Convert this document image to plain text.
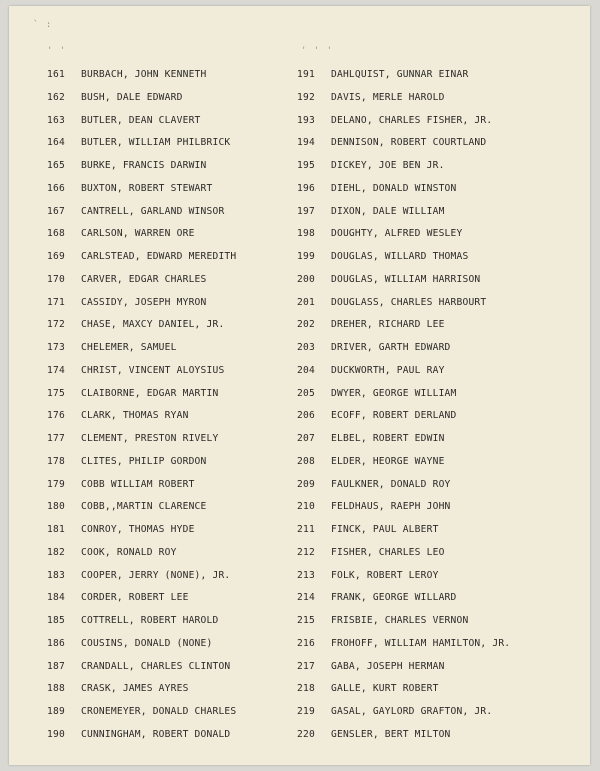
` :
' '	' ' '
161 BURBACH, JOHN KENNETH
162 BUSH, DALE EDWARD
163 BUTLER, DEAN CLAVERT
164 BUTLER, WILLIAM PHILBRICK
165 BURKE, FRANCIS DARWIN
166 BUXTON, ROBERT STEWART
167 CANTRELL, GARLAND WINSOR
168 CARLSON, WARREN ORE
169 CARLSTEAD, EDWARD MEREDITH
170 CARVER, EDGAR CHARLES
171 CASSIDY, JOSEPH MYRON
172 CHASE, MAXCY DANIEL, JR.
173 CHELEMER, SAMUEL
174 CHRIST, VINCENT ALOYSIUS
175 CLAIBORNE, EDGAR MARTIN
176 CLARK, THOMAS RYAN
177 CLEMENT, PRESTON RIVELY
178 CLITES, PHILIP GORDON
179 COBB WILLIAM ROBERT
180 COBB,,MARTIN CLARENCE
181 CONROY, THOMAS HYDE
182 COOK, RONALD ROY
183 COOPER, JERRY (NONE), JR.
184 CORDER, ROBERT LEE
185 COTTRELL, ROBERT HAROLD
186 COUSINS, DONALD (NONE)
187 CRANDALL, CHARLES CLINTON
188 CRASK, JAMES AYRES
189 CRONEMEYER, DONALD CHARLES
190 CUNNINGHAM, ROBERT DONALD
191 DAHLQUIST, GUNNAR EINAR
192 DAVIS, MERLE HAROLD
193 DELANO, CHARLES FISHER, JR.
194 DENNISON, ROBERT COURTLAND
195 DICKEY, JOE BEN JR.
196 DIEHL, DONALD WINSTON
197 DIXON, DALE WILLIAM
198 DOUGHTY, ALFRED WESLEY
199 DOUGLAS, WILLARD THOMAS
200 DOUGLAS, WILLIAM HARRISON
201 DOUGLASS, CHARLES HARBOURT
202 DREHER, RICHARD LEE
203 DRIVER, GARTH EDWARD
204 DUCKWORTH, PAUL RAY
205 DWYER, GEORGE WILLIAM
206 ECOFF, ROBERT DERLAND
207 ELBEL, ROBERT EDWIN
208 ELDER, HEORGE WAYNE
209 FAULKNER, DONALD ROY
210 FELDHAUS, RAEPH JOHN
211 FINCK, PAUL ALBERT
212 FISHER, CHARLES LEO
213 FOLK, ROBERT LEROY
214 FRANK, GEORGE WILLARD
215 FRISBIE, CHARLES VERNON
216 FROHOFF, WILLIAM HAMILTON, JR.
217 GABA, JOSEPH HERMAN
218 GALLE, KURT ROBERT
219 GASAL, GAYLORD GRAFTON, JR.
220 GENSLER, BERT MILTON
